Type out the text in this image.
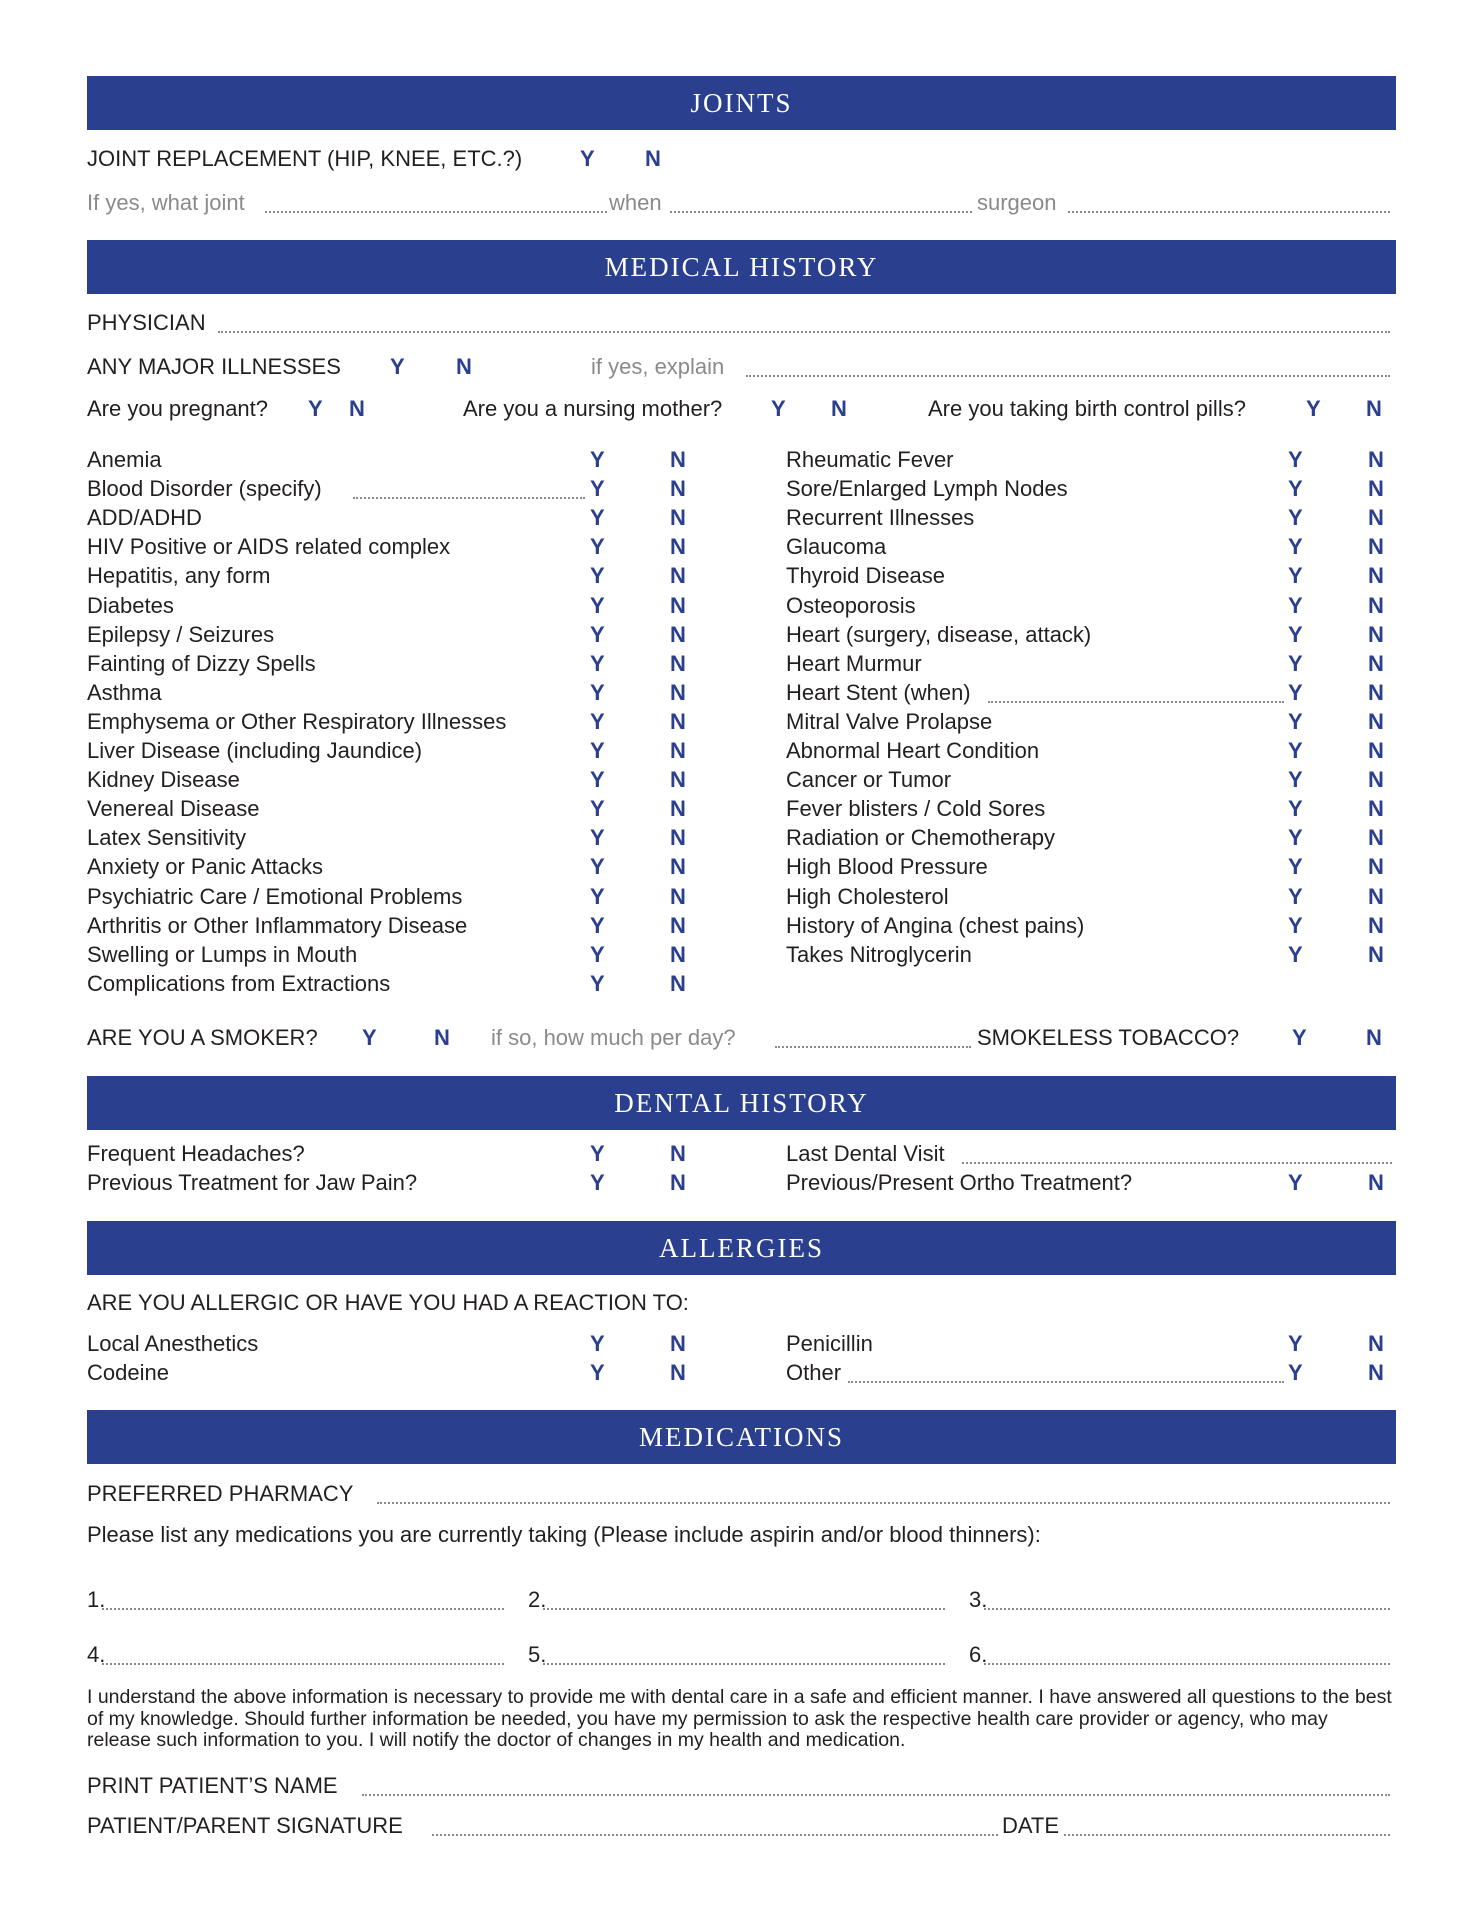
JOINTS
JOINT REPLACEMENT (HIP, KNEE, ETC.?)	Y N
If yes, what joint	when	surgeon
MEDICAL HISTORY
PHYSICIAN
ANY MAJOR ILLNESSES Y N	if yes, explain
Are you pregnant? Y N	Are you a nursing mother? Y N	Are you taking birth control pills?	Y N
Anemia	Y	N
Blood Disorder (specify)	Y	N
ADD/ADHD	Y	N
HIV Positive or AIDS related complex	Y	N
Hepatitis, any form	Y	N
Diabetes	Y	N
Epilepsy / Seizures	Y	N
Fainting of Dizzy Spells	Y	N
Asthma	Y	N
Emphysema or Other Respiratory Illnesses	Y	N
Liver Disease (including Jaundice)	Y	N
Kidney Disease	Y	N
Venereal Disease	Y	N
Latex Sensitivity	Y	N
Anxiety or Panic Attacks	Y	N
Psychiatric Care / Emotional Problems	Y	N
Arthritis or Other Inflammatory Disease	Y	N
Swelling or Lumps in Mouth	Y	N
Complications from Extractions	Y	N
Rheumatic Fever	Y	N
Sore/Enlarged Lymph Nodes	Y	N
Recurrent Illnesses	Y	N
Glaucoma	Y	N
Thyroid Disease	Y	N
Osteoporosis	Y	N
Heart (surgery, disease, attack)	Y	N
Heart Murmur	Y	N
Heart Stent (when)	Y	N
Mitral Valve Prolapse	Y	N
Abnormal Heart Condition	Y	N
Cancer or Tumor	Y	N
Fever blisters / Cold Sores	Y	N
Radiation or Chemotherapy	Y	N
High Blood Pressure	Y	N
High Cholesterol	Y	N
History of Angina (chest pains)	Y	N
Takes Nitroglycerin	Y	N
ARE YOU A SMOKER? Y	N if so, how much per day?	SMOKELESS TOBACCO? Y	N
DENTAL HISTORY
Frequent Headaches?	Y	N	Last Dental Visit
Previous Treatment for Jaw Pain?	Y	N	Previous/Present Ortho Treatment?	Y	N
ALLERGIES
ARE YOU ALLERGIC OR HAVE YOU HAD A REACTION TO:
Local Anesthetics	Y	N	Penicillin	Y	N
Codeine	Y	N	Other	Y	N
MEDICATIONS
PREFERRED PHARMACY
Please list any medications you are currently taking (Please include aspirin and/or blood thinners):
1.	2.	3.
4.	5.	6.
I understand the above information is necessary to provide me with dental care in a safe and efficient manner. I have answered all questions to the best of my knowledge. Should further information be needed, you have my permission to ask the respective health care provider or agency, who may release such information to you. I will notify the doctor of changes in my health and medication.
PRINT PATIENT’S NAME
PATIENT/PARENT SIGNATURE	DATE
